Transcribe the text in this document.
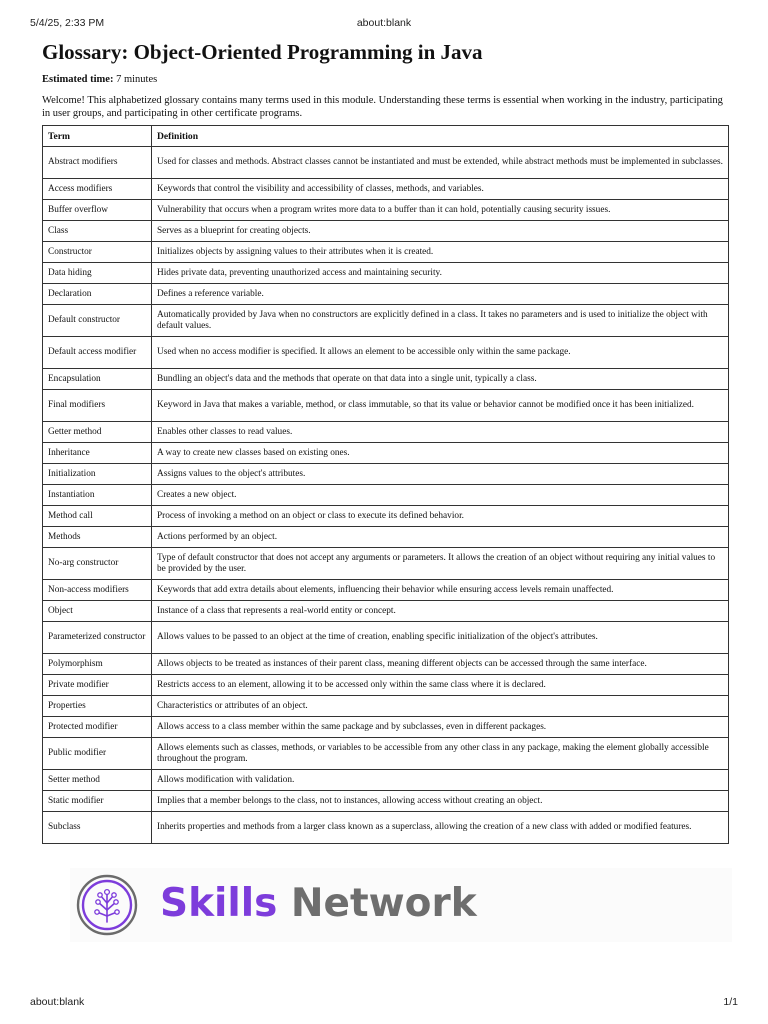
5/4/25, 2:33 PM	about:blank
Glossary: Object-Oriented Programming in Java
Estimated time: 7 minutes
Welcome! This alphabetized glossary contains many terms used in this module. Understanding these terms is essential when working in the industry, participating in user groups, and participating in other certificate programs.
Term	Definition
Abstract modifiers	Used for classes and methods. Abstract classes cannot be instantiated and must be extended, while abstract methods must be implemented in subclasses.
Access modifiers	Keywords that control the visibility and accessibility of classes, methods, and variables.
Buffer overflow	Vulnerability that occurs when a program writes more data to a buffer than it can hold, potentially causing security issues.
Class	Serves as a blueprint for creating objects.
Constructor	Initializes objects by assigning values to their attributes when it is created.
Data hiding	Hides private data, preventing unauthorized access and maintaining security.
Declaration	Defines a reference variable.
Default constructor	Automatically provided by Java when no constructors are explicitly defined in a class. It takes no parameters and is used to initialize the object with default values.
Default access modifier	Used when no access modifier is specified. It allows an element to be accessible only within the same package.
Encapsulation	Bundling an object's data and the methods that operate on that data into a single unit, typically a class.
Final modifiers	Keyword in Java that makes a variable, method, or class immutable, so that its value or behavior cannot be modified once it has been initialized.
Getter method	Enables other classes to read values.
Inheritance	A way to create new classes based on existing ones.
Initialization	Assigns values to the object's attributes.
Instantiation	Creates a new object.
Method call	Process of invoking a method on an object or class to execute its defined behavior.
Methods	Actions performed by an object.
No-arg constructor	Type of default constructor that does not accept any arguments or parameters. It allows the creation of an object without requiring any initial values to be provided by the user.
Non-access modifiers	Keywords that add extra details about elements, influencing their behavior while ensuring access levels remain unaffected.
Object	Instance of a class that represents a real-world entity or concept.
Parameterized constructor	Allows values to be passed to an object at the time of creation, enabling specific initialization of the object's attributes.
Polymorphism	Allows objects to be treated as instances of their parent class, meaning different objects can be accessed through the same interface.
Private modifier	Restricts access to an element, allowing it to be accessed only within the same class where it is declared.
Properties	Characteristics or attributes of an object.
Protected modifier	Allows access to a class member within the same package and by subclasses, even in different packages.
Public modifier	Allows elements such as classes, methods, or variables to be accessible from any other class in any package, making the element globally accessible throughout the program.
Setter method	Allows modification with validation.
Static modifier	Implies that a member belongs to the class, not to instances, allowing access without creating an object.
Subclass	Inherits properties and methods from a larger class known as a superclass, allowing the creation of a new class with added or modified features.
Skills Network
about:blank	1/1
